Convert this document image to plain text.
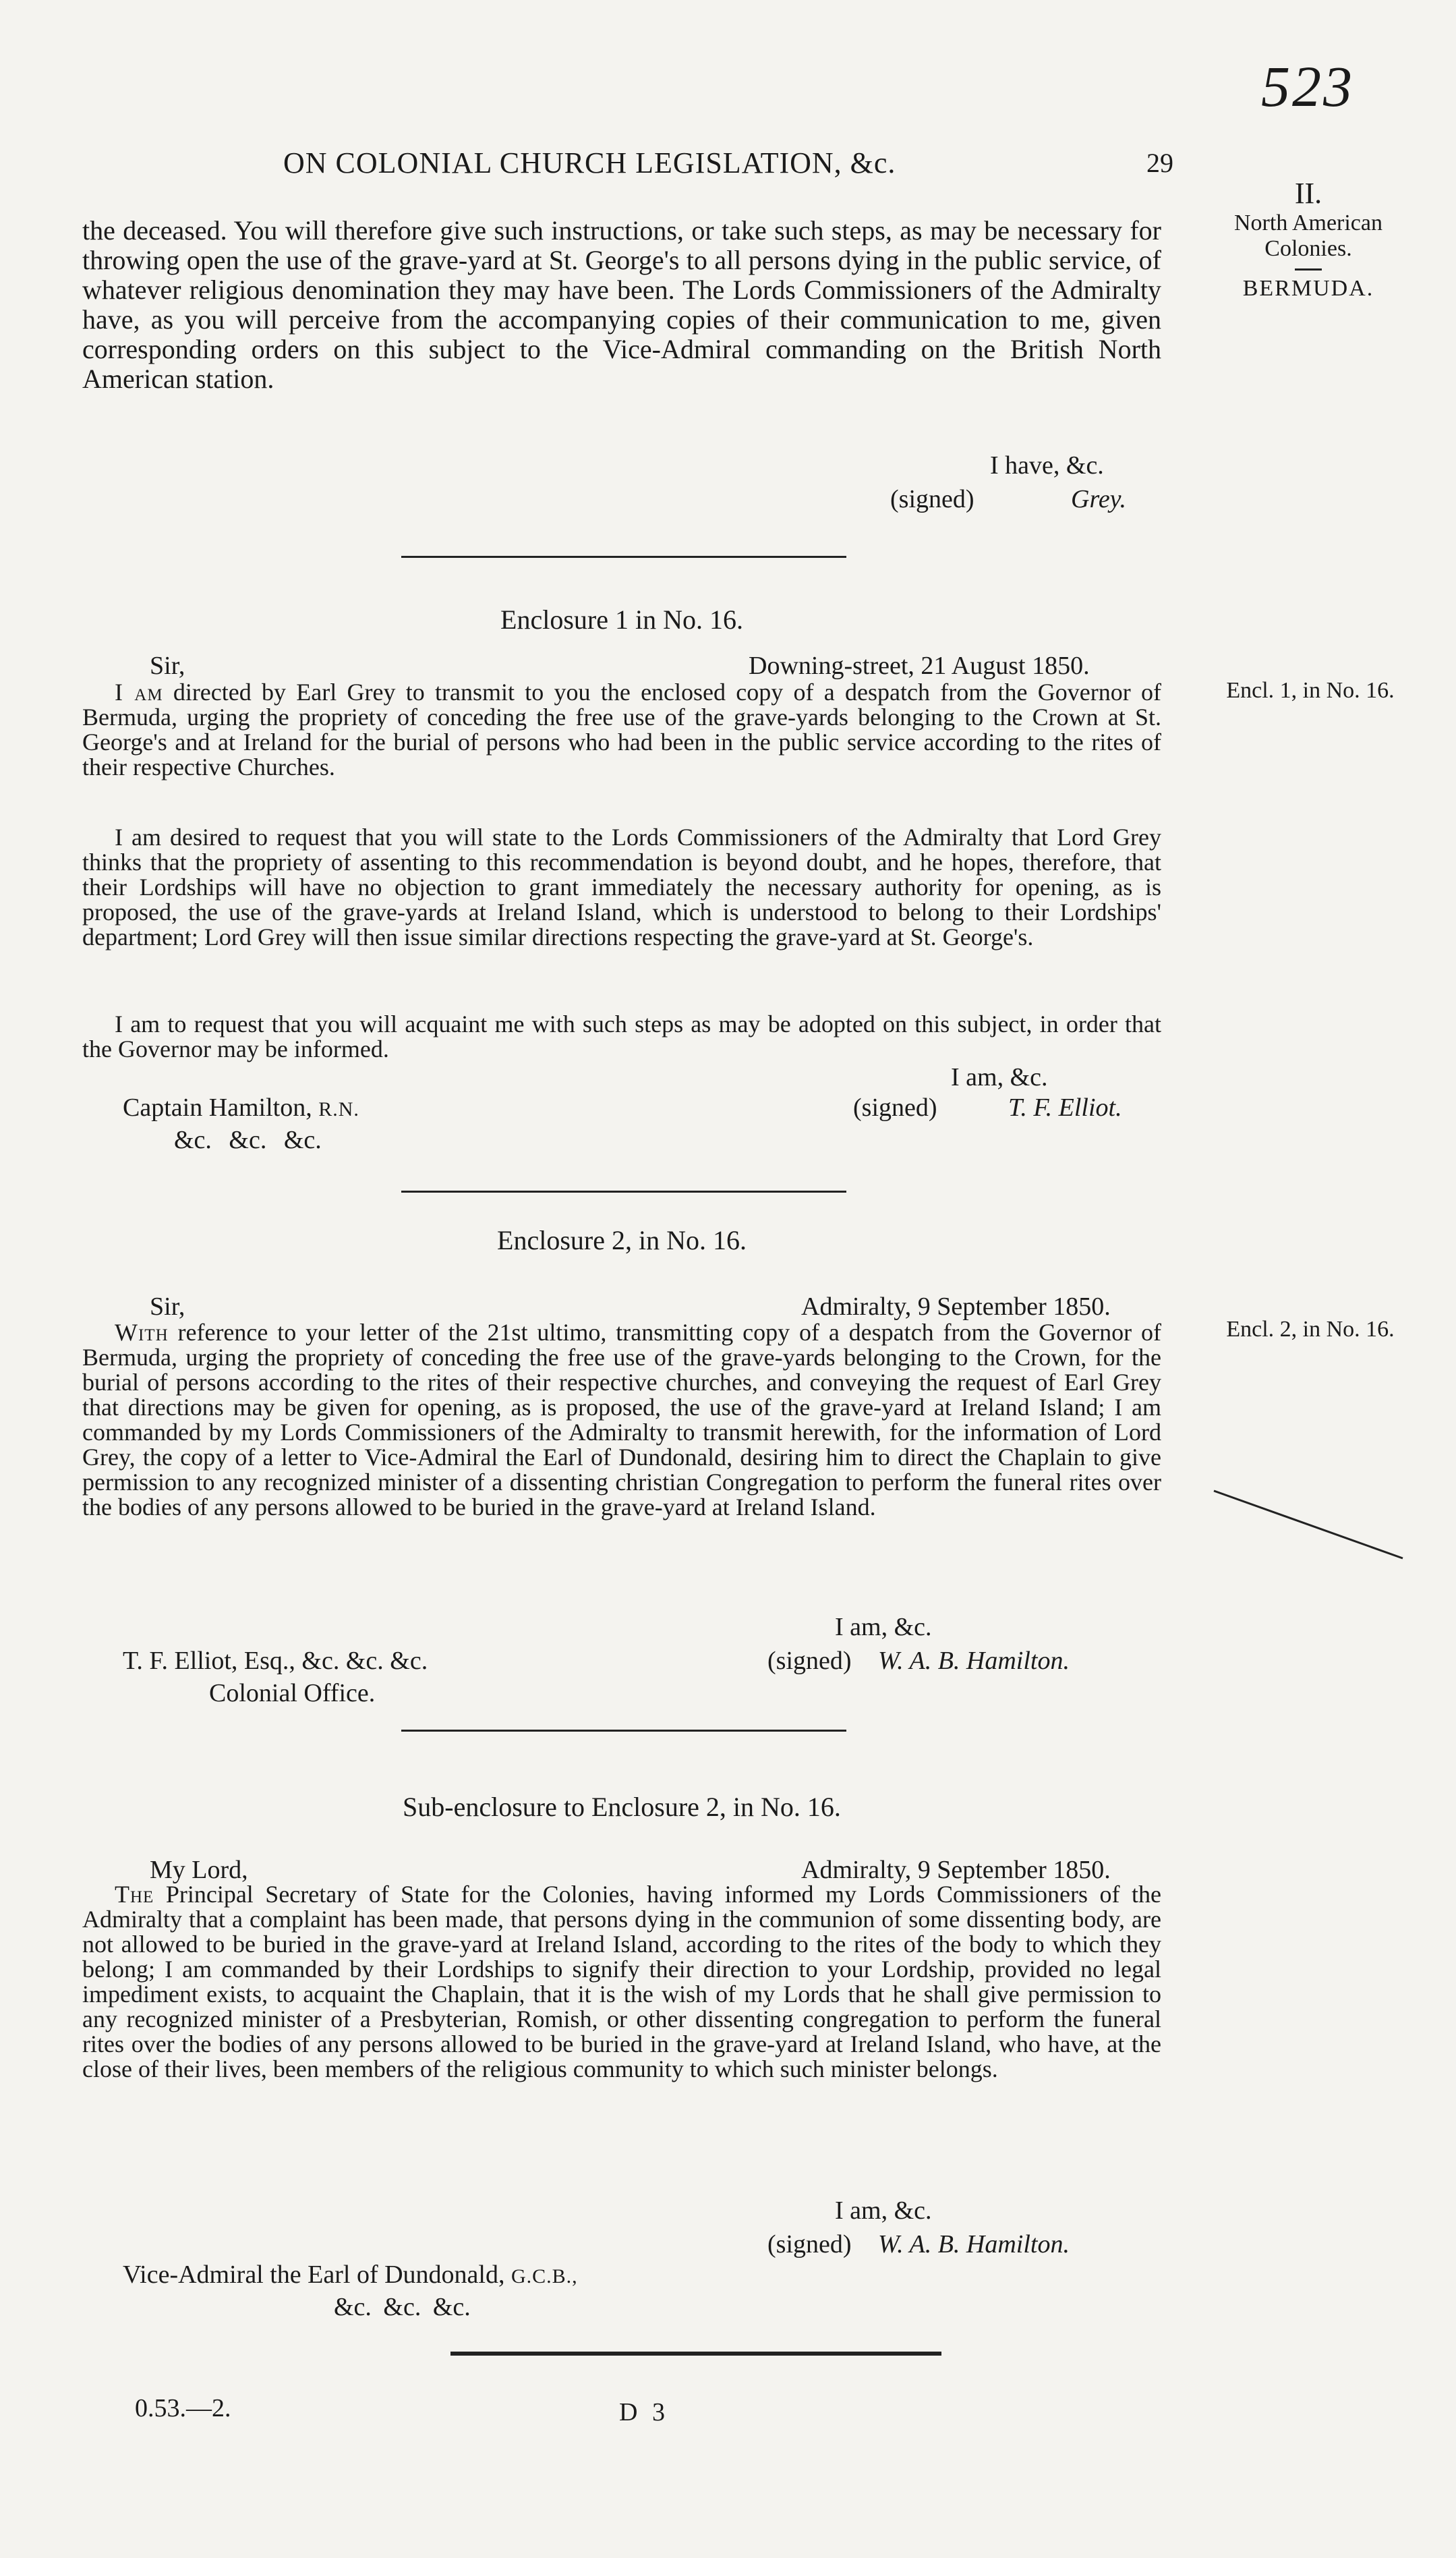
523
ON COLONIAL CHURCH LEGISLATION, &c.	29
II.
North American
Colonies.
BERMUDA.
Encl. 1, in No. 16.
Encl. 2, in No. 16.

the deceased. You will therefore give such instructions, or take such steps, as may be necessary for throwing open the use of the grave-yard at St. George's to all persons dying in the public service, of whatever religious denomination they may have been. The Lords Commissioners of the Admiralty have, as you will perceive from the accompanying copies of their communication to me, given corresponding orders on this subject to the Vice-Admiral commanding on the British North American station.

I have, &c.
(signed)	Grey.
Enclosure 1 in No. 16.
Sir,	Downing-street, 21 August 1850.

I am directed by Earl Grey to transmit to you the enclosed copy of a despatch from the Governor of Bermuda, urging the propriety of conceding the free use of the grave-yards belonging to the Crown at St. George's and at Ireland for the burial of persons who had been in the public service according to the rites of their respective Churches.

I am desired to request that you will state to the Lords Commissioners of the Admiralty that Lord Grey thinks that the propriety of assenting to this recommendation is beyond doubt, and he hopes, therefore, that their Lordships will have no objection to grant immediately the necessary authority for opening, as is proposed, the use of the grave-yards at Ireland Island, which is understood to belong to their Lordships' department; Lord Grey will then issue similar directions respecting the grave-yard at St. George's.

I am to request that you will acquaint me with such steps as may be adopted on this subject, in order that the Governor may be informed.

I am, &c.
(signed)	T. F. Elliot.
Captain Hamilton, R.N.
&c. &c. &c.
Enclosure 2, in No. 16.
Sir,	Admiralty, 9 September 1850.

With reference to your letter of the 21st ultimo, transmitting copy of a despatch from the Governor of Bermuda, urging the propriety of conceding the free use of the grave-yards belonging to the Crown, for the burial of persons according to the rites of their respective churches, and conveying the request of Earl Grey that directions may be given for opening, as is proposed, the use of the grave-yard at Ireland Island; I am commanded by my Lords Commissioners of the Admiralty to transmit herewith, for the information of Lord Grey, the copy of a letter to Vice-Admiral the Earl of Dundonald, desiring him to direct the Chaplain to give permission to any recognized minister of a dissenting christian Congregation to perform the funeral rites over the bodies of any persons allowed to be buried in the grave-yard at Ireland Island.

I am, &c.
(signed) W. A. B. Hamilton.
T. F. Elliot, Esq., &c. &c. &c.
Colonial Office.
Sub-enclosure to Enclosure 2, in No. 16.
My Lord,	Admiralty, 9 September 1850.

The Principal Secretary of State for the Colonies, having informed my Lords Commissioners of the Admiralty that a complaint has been made, that persons dying in the communion of some dissenting body, are not allowed to be buried in the grave-yard at Ireland Island, according to the rites of the body to which they belong; I am commanded by their Lordships to signify their direction to your Lordship, provided no legal impediment exists, to acquaint the Chaplain, that it is the wish of my Lords that he shall give permission to any recognized minister of a Presbyterian, Romish, or other dissenting congregation to perform the funeral rites over the bodies of any persons allowed to be buried in the grave-yard at Ireland Island, who have, at the close of their lives, been members of the religious community to which such minister belongs.

I am, &c.
(signed) W. A. B. Hamilton.
Vice-Admiral the Earl of Dundonald, G.C.B.,
&c. &c. &c.
0.53.—2.	D 3
